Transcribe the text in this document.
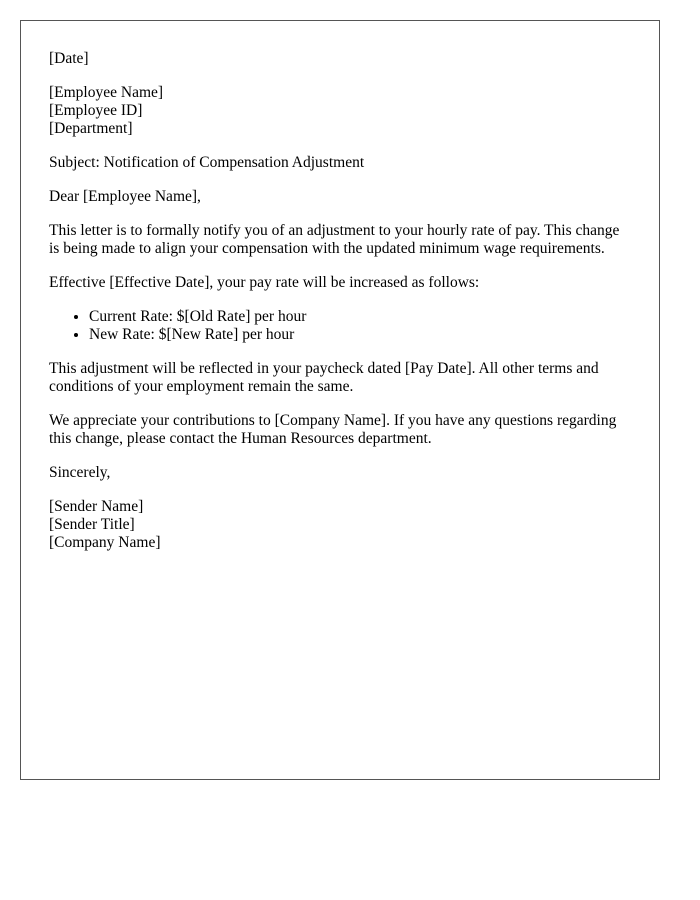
[Date]

[Employee Name]
[Employee ID]
[Department]

Subject: Notification of Compensation Adjustment

Dear [Employee Name],

This letter is to formally notify you of an adjustment to your hourly rate of pay. This change is being made to align your compensation with the updated minimum wage requirements.

Effective [Effective Date], your pay rate will be increased as follows:

• Current Rate: $[Old Rate] per hour
• New Rate: $[New Rate] per hour

This adjustment will be reflected in your paycheck dated [Pay Date]. All other terms and conditions of your employment remain the same.

We appreciate your contributions to [Company Name]. If you have any questions regarding this change, please contact the Human Resources department.

Sincerely,

[Sender Name]
[Sender Title]
[Company Name]
